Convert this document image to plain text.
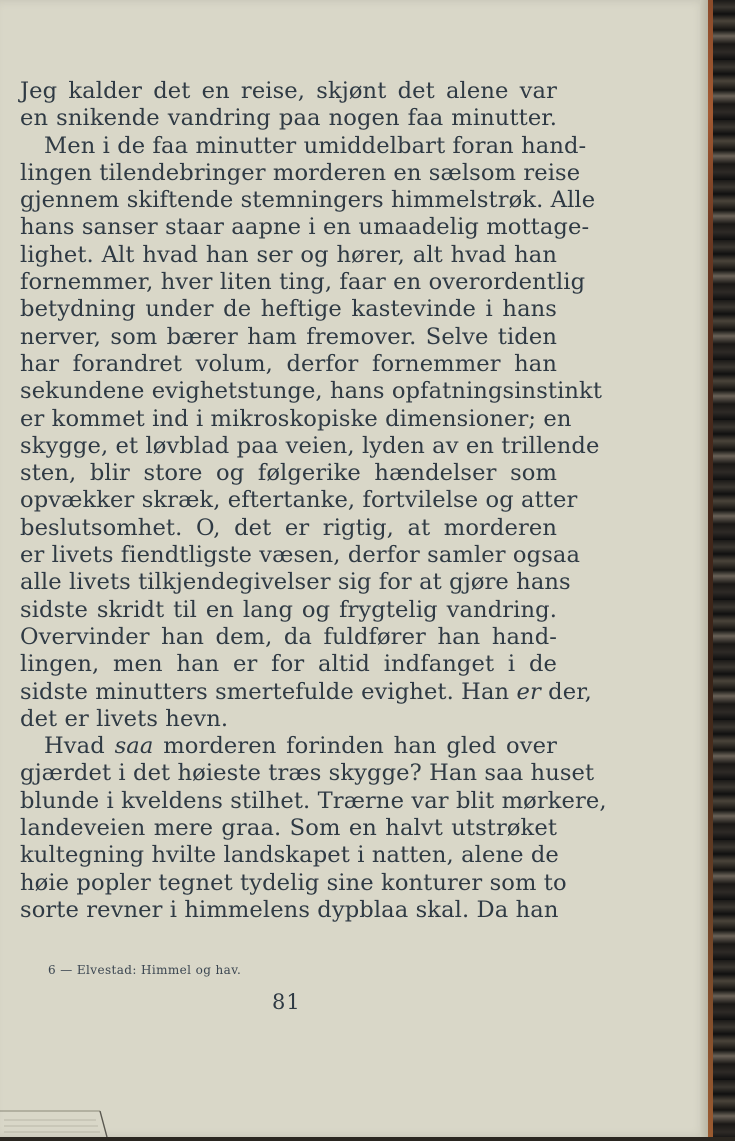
Jeg kalder det en reise, skjønt det alene var
en snikende vandring paa nogen faa minutter.
Men i de faa minutter umiddelbart foran hand-
lingen tilendebringer morderen en sælsom reise
gjennem skiftende stemningers himmelstrøk. Alle
hans sanser staar aapne i en umaadelig mottage-
lighet. Alt hvad han ser og hører, alt hvad han
fornemmer, hver liten ting, faar en overordentlig
betydning under de heftige kastevinde i hans
nerver, som bærer ham fremover. Selve tiden
har forandret volum, derfor fornemmer han
sekundene evighetstunge, hans opfatningsinstinkt
er kommet ind i mikroskopiske dimensioner; en
skygge, et løvblad paa veien, lyden av en trillende
sten, blir store og følgerike hændelser som
opvækker skræk, eftertanke, fortvilelse og atter
beslutsomhet. O, det er rigtig, at morderen
er livets fiendtligste væsen, derfor samler ogsaa
alle livets tilkjendegivelser sig for at gjøre hans
sidste skridt til en lang og frygtelig vandring.
Overvinder han dem, da fuldfører han hand-
lingen, men han er for altid indfanget i de
sidste minutters smertefulde evighet. Han er der,
det er livets hevn.
Hvad saa morderen forinden han gled over
gjærdet i det høieste træs skygge? Han saa huset
blunde i kveldens stilhet. Trærne var blit mørkere,
landeveien mere graa. Som en halvt utstrøket
kultegning hvilte landskapet i natten, alene de
høie popler tegnet tydelig sine konturer som to
sorte revner i himmelens dypblaa skal. Da han
6 — Elvestad: Himmel og hav.
81
